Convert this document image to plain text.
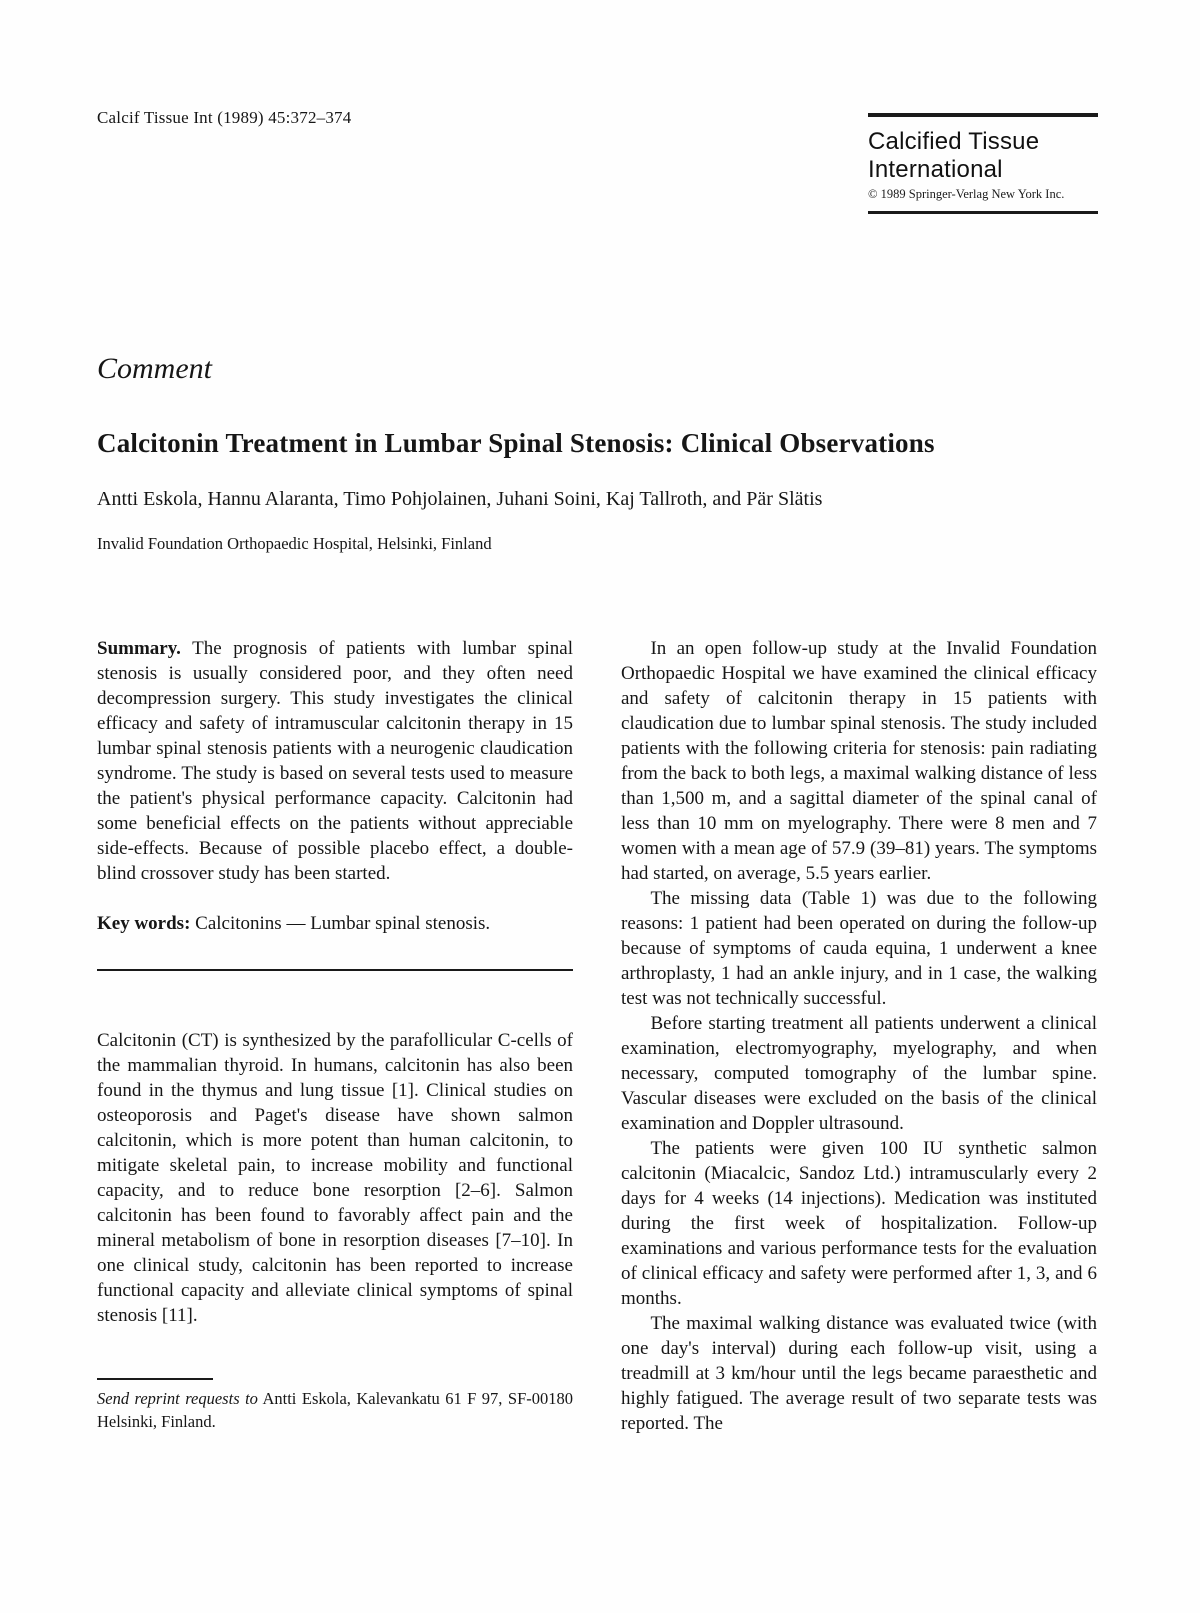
Calcif Tissue Int (1989) 45:372–374
Calcified Tissue
International
© 1989 Springer-Verlag New York Inc.
Comment
Calcitonin Treatment in Lumbar Spinal Stenosis: Clinical Observations
Antti Eskola, Hannu Alaranta, Timo Pohjolainen, Juhani Soini, Kaj Tallroth, and Pär Slätis
Invalid Foundation Orthopaedic Hospital, Helsinki, Finland

Summary. The prognosis of patients with lumbar spinal stenosis is usually considered poor, and they often need decompression surgery. This study investigates the clinical efficacy and safety of intramuscular calcitonin therapy in 15 lumbar spinal stenosis patients with a neurogenic claudication syndrome. The study is based on several tests used to measure the patient's physical performance capacity. Calcitonin had some beneficial effects on the patients without appreciable side-effects. Because of possible placebo effect, a double-blind crossover study has been started.

Key words: Calcitonins — Lumbar spinal stenosis.

Calcitonin (CT) is synthesized by the parafollicular C-cells of the mammalian thyroid. In humans, calcitonin has also been found in the thymus and lung tissue [1]. Clinical studies on osteoporosis and Paget's disease have shown salmon calcitonin, which is more potent than human calcitonin, to mitigate skeletal pain, to increase mobility and functional capacity, and to reduce bone resorption [2–6]. Salmon calcitonin has been found to favorably affect pain and the mineral metabolism of bone in resorption diseases [7–10]. In one clinical study, calcitonin has been reported to increase functional capacity and alleviate clinical symptoms of spinal stenosis [11].

Send reprint requests to Antti Eskola, Kalevankatu 61 F 97, SF-00180 Helsinki, Finland.

In an open follow-up study at the Invalid Foundation Orthopaedic Hospital we have examined the clinical efficacy and safety of calcitonin therapy in 15 patients with claudication due to lumbar spinal stenosis. The study included patients with the following criteria for stenosis: pain radiating from the back to both legs, a maximal walking distance of less than 1,500 m, and a sagittal diameter of the spinal canal of less than 10 mm on myelography. There were 8 men and 7 women with a mean age of 57.9 (39–81) years. The symptoms had started, on average, 5.5 years earlier.

The missing data (Table 1) was due to the following reasons: 1 patient had been operated on during the follow-up because of symptoms of cauda equina, 1 underwent a knee arthroplasty, 1 had an ankle injury, and in 1 case, the walking test was not technically successful.

Before starting treatment all patients underwent a clinical examination, electromyography, myelography, and when necessary, computed tomography of the lumbar spine. Vascular diseases were excluded on the basis of the clinical examination and Doppler ultrasound.

The patients were given 100 IU synthetic salmon calcitonin (Miacalcic, Sandoz Ltd.) intramuscularly every 2 days for 4 weeks (14 injections). Medication was instituted during the first week of hospitalization. Follow-up examinations and various performance tests for the evaluation of clinical efficacy and safety were performed after 1, 3, and 6 months.

The maximal walking distance was evaluated twice (with one day's interval) during each follow-up visit, using a treadmill at 3 km/hour until the legs became paraesthetic and highly fatigued. The average result of two separate tests was reported. The
